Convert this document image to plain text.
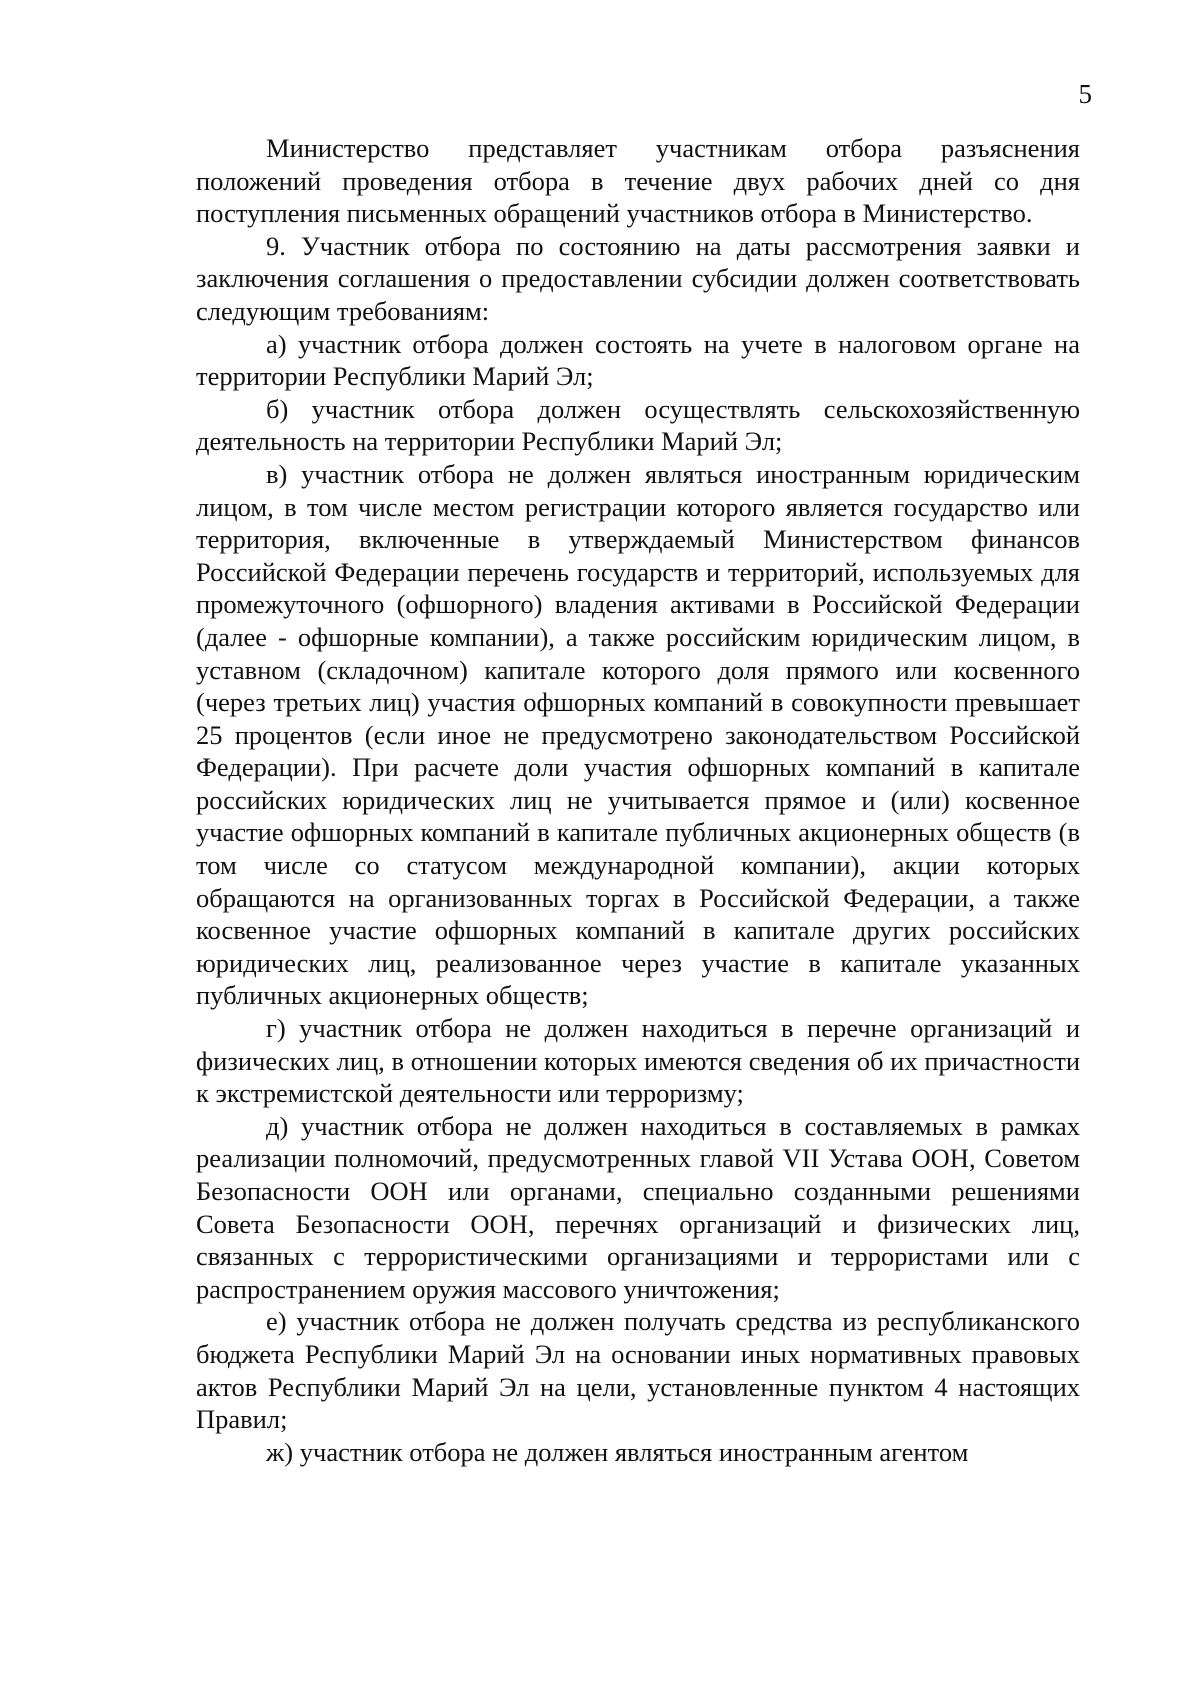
5

Министерство представляет участникам отбора разъяснения положений проведения отбора в течение двух рабочих дней со дня поступления письменных обращений участников отбора в Министерство.

9. Участник отбора по состоянию на даты рассмотрения заявки и заключения соглашения о предоставлении субсидии должен соответствовать следующим требованиям:

а) участник отбора должен состоять на учете в налоговом органе на территории Республики Марий Эл;

б) участник отбора должен осуществлять сельскохозяйственную деятельность на территории Республики Марий Эл;

в) участник отбора не должен являться иностранным юридическим лицом, в том числе местом регистрации которого является государство или территория, включенные в утверждаемый Министерством финансов Российской Федерации перечень государств и территорий, используемых для промежуточного (офшорного) владения активами в Российской Федерации (далее - офшорные компании), а также российским юридическим лицом, в уставном (складочном) капитале которого доля прямого или косвенного (через третьих лиц) участия офшорных компаний в совокупности превышает 25 процентов (если иное не предусмотрено законодательством Российской Федерации). При расчете доли участия офшорных компаний в капитале российских юридических лиц не учитывается прямое и (или) косвенное участие офшорных компаний в капитале публичных акционерных обществ (в том числе со статусом международной компании), акции которых обращаются на организованных торгах в Российской Федерации, а также косвенное участие офшорных компаний в капитале других российских юридических лиц, реализованное через участие в капитале указанных публичных акционерных обществ;

г) участник отбора не должен находиться в перечне организаций и физических лиц, в отношении которых имеются сведения об их причастности к экстремистской деятельности или терроризму;

д) участник отбора не должен находиться в составляемых в рамках реализации полномочий, предусмотренных главой VII Устава ООН, Советом Безопасности ООН или органами, специально созданными решениями Совета Безопасности ООН, перечнях организаций и физических лиц, связанных с террористическими организациями и террористами или с распространением оружия массового уничтожения;

е) участник отбора не должен получать средства из республиканского бюджета Республики Марий Эл на основании иных нормативных правовых актов Республики Марий Эл на цели, установленные пунктом 4 настоящих Правил;

ж) участник отбора не должен являться иностранным агентом
